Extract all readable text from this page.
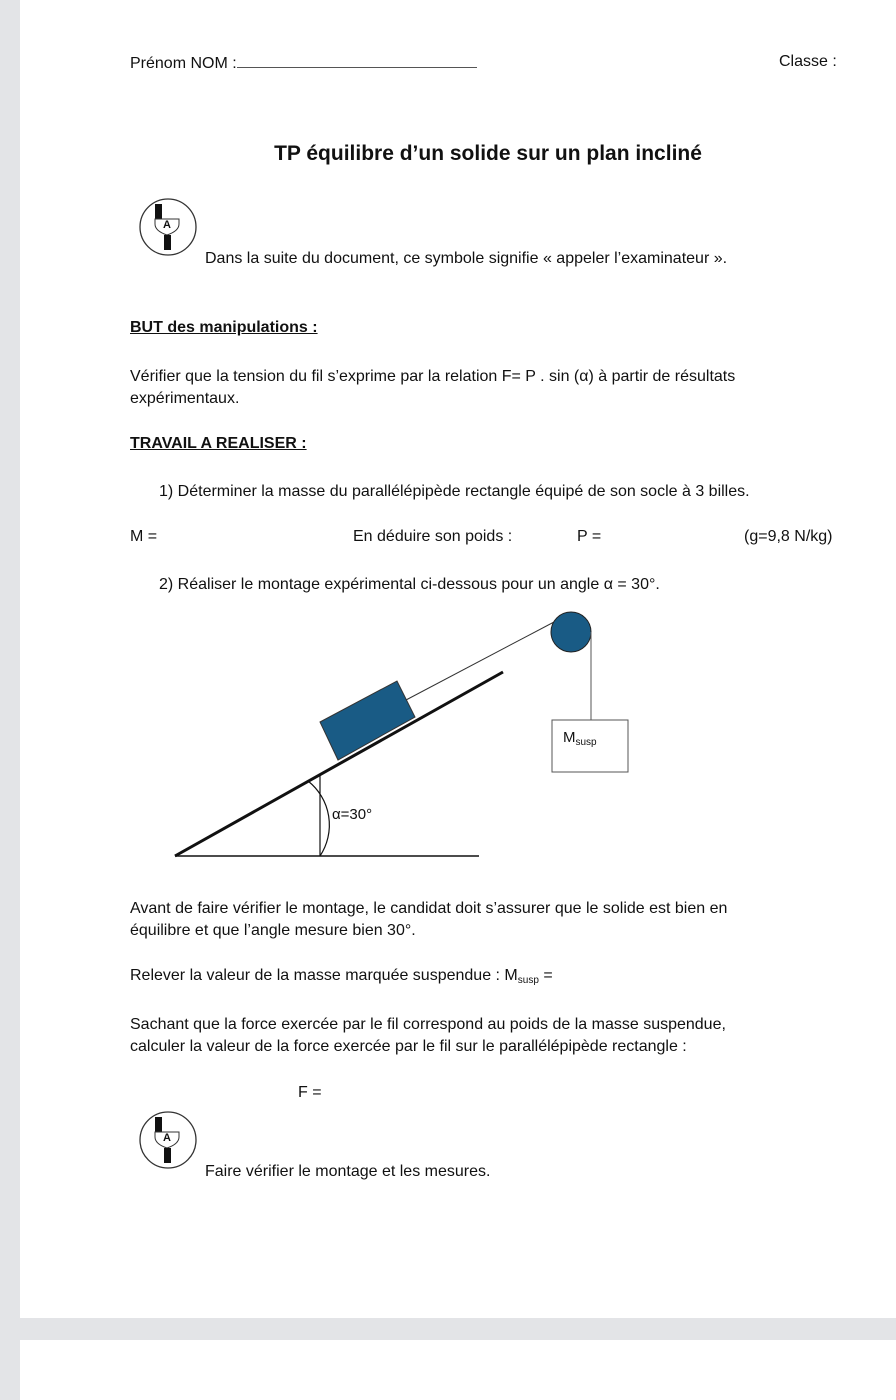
Prénom NOM :	Classe :
TP équilibre d’un solide sur un plan incliné
A
Dans la suite du document, ce symbole signifie « appeler l’examinateur ».
BUT des manipulations :
Vérifier que la tension du fil s’exprime par la relation F= P . sin (α) à partir de résultats
expérimentaux.
TRAVAIL A REALISER :
1) Déterminer la masse du parallélépipède rectangle équipé de son socle à 3 billes.
M =	En déduire son poids :	P =	(g=9,8 N/kg)
2) Réaliser le montage expérimental ci-dessous pour un angle α = 30°.
$M_{susp}$
α=30°
Avant de faire vérifier le montage, le candidat doit s’assurer que le solide est bien en
équilibre et que l’angle mesure bien 30°.
Relever la valeur de la masse marquée suspendue : $M_{susp}$ =
Sachant que la force exercée par le fil correspond au poids de la masse suspendue,
calculer la valeur de la force exercée par le fil sur le parallélépipède rectangle :
F =
A
Faire vérifier le montage et les mesures.
